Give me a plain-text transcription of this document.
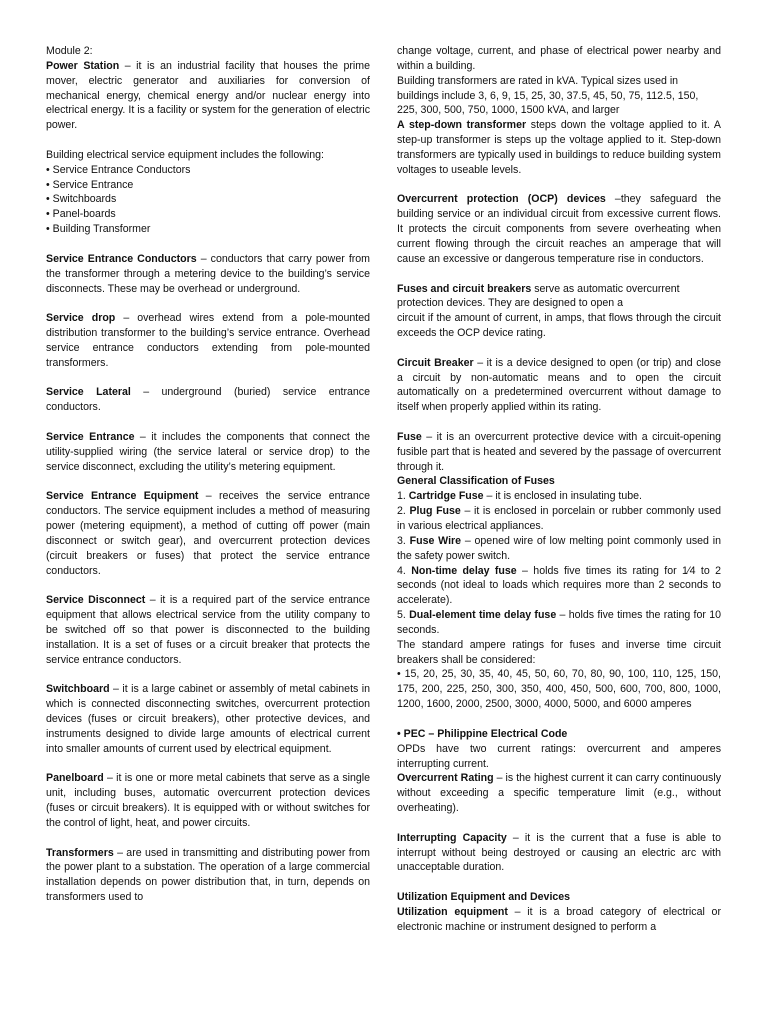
Module 2:

Power Station – it is an industrial facility that houses the prime mover, electric generator and auxiliaries for conversion of mechanical energy, chemical energy and/or nuclear energy into electrical energy. It is a facility or system for the generation of electric power.

Building electrical service equipment includes the following:

• Service Entrance Conductors

• Service Entrance

• Switchboards

• Panel-boards

• Building Transformer

Service Entrance Conductors – conductors that carry power from the transformer through a metering device to the building’s service disconnects. These may be overhead or underground.

Service drop – overhead wires extend from a pole-mounted distribution transformer to the building’s service entrance. Overhead service entrance conductors extending from pole-mounted transformers.

Service Lateral – underground (buried) service entrance conductors.

Service Entrance – it includes the components that connect the utility-supplied wiring (the service lateral or service drop) to the service disconnect, excluding the utility’s metering equipment.

Service Entrance Equipment – receives the service entrance conductors. The service equipment includes a method of measuring power (metering equipment), a method of cutting off power (main disconnect or switch gear), and overcurrent protection devices (circuit breakers or fuses) that protect the service entrance conductors.

Service Disconnect – it is a required part of the service entrance equipment that allows electrical service from the utility company to be switched off so that power is disconnected to the building installation. It is a set of fuses or a circuit breaker that protects the service entrance conductors.

Switchboard – it is a large cabinet or assembly of metal cabinets in which is connected disconnecting switches, overcurrent protection devices (fuses or circuit breakers), other protective devices, and instruments designed to divide large amounts of electrical current into smaller amounts of current used by electrical equipment.

Panelboard – it is one or more metal cabinets that serve as a single unit, including buses, automatic overcurrent protection devices (fuses or circuit breakers). It is equipped with or without switches for the control of light, heat, and power circuits.

Transformers – are used in transmitting and distributing power from the power plant to a substation. The operation of a large commercial installation depends on power distribution that, in turn, depends on transformers used to

change voltage, current, and phase of electrical power nearby and within a building.

Building transformers are rated in kVA. Typical sizes used in buildings include 3, 6, 9, 15, 25, 30, 37.5, 45, 50, 75, 112.5, 150, 225, 300, 500, 750, 1000, 1500 kVA, and larger

A step-down transformer steps down the voltage applied to it. A step-up transformer is steps up the voltage applied to it. Step-down transformers are typically used in buildings to reduce building system voltages to useable levels.

Overcurrent protection (OCP) devices –they safeguard the building service or an individual circuit from excessive current flows. It protects the circuit components from severe overheating when current flowing through the circuit reaches an amperage that will cause an excessive or dangerous temperature rise in conductors.

Fuses and circuit breakers serve as automatic overcurrent protection devices. They are designed to open a

circuit if the amount of current, in amps, that flows through the circuit exceeds the OCP device rating.

Circuit Breaker – it is a device designed to open (or trip) and close a circuit by non-automatic means and to open the circuit automatically on a predetermined overcurrent without damage to itself when properly applied within its rating.

Fuse – it is an overcurrent protective device with a circuit-opening fusible part that is heated and severed by the passage of overcurrent through it.

General Classification of Fuses

1. Cartridge Fuse – it is enclosed in insulating tube.

2. Plug Fuse – it is enclosed in porcelain or rubber commonly used in various electrical appliances.

3. Fuse Wire – opened wire of low melting point commonly used in the safety power switch.

4. Non-time delay fuse – holds five times its rating for 1⁄4 to 2 seconds (not ideal to loads which requires more than 2 seconds to accelerate).

5. Dual-element time delay fuse – holds five times the rating for 10 seconds.

The standard ampere ratings for fuses and inverse time circuit breakers shall be considered:

• 15, 20, 25, 30, 35, 40, 45, 50, 60, 70, 80, 90, 100, 110, 125, 150, 175, 200, 225, 250, 300, 350, 400, 450, 500, 600, 700, 800, 1000, 1200, 1600, 2000, 2500, 3000, 4000, 5000, and 6000 amperes

• PEC – Philippine Electrical Code

OPDs have two current ratings: overcurrent and amperes interrupting current.

Overcurrent Rating – is the highest current it can carry continuously without exceeding a specific temperature limit (e.g., without overheating).

Interrupting Capacity – it is the current that a fuse is able to interrupt without being destroyed or causing an electric arc with unacceptable duration.

Utilization Equipment and Devices

Utilization equipment – it is a broad category of electrical or electronic machine or instrument designed to perform a
